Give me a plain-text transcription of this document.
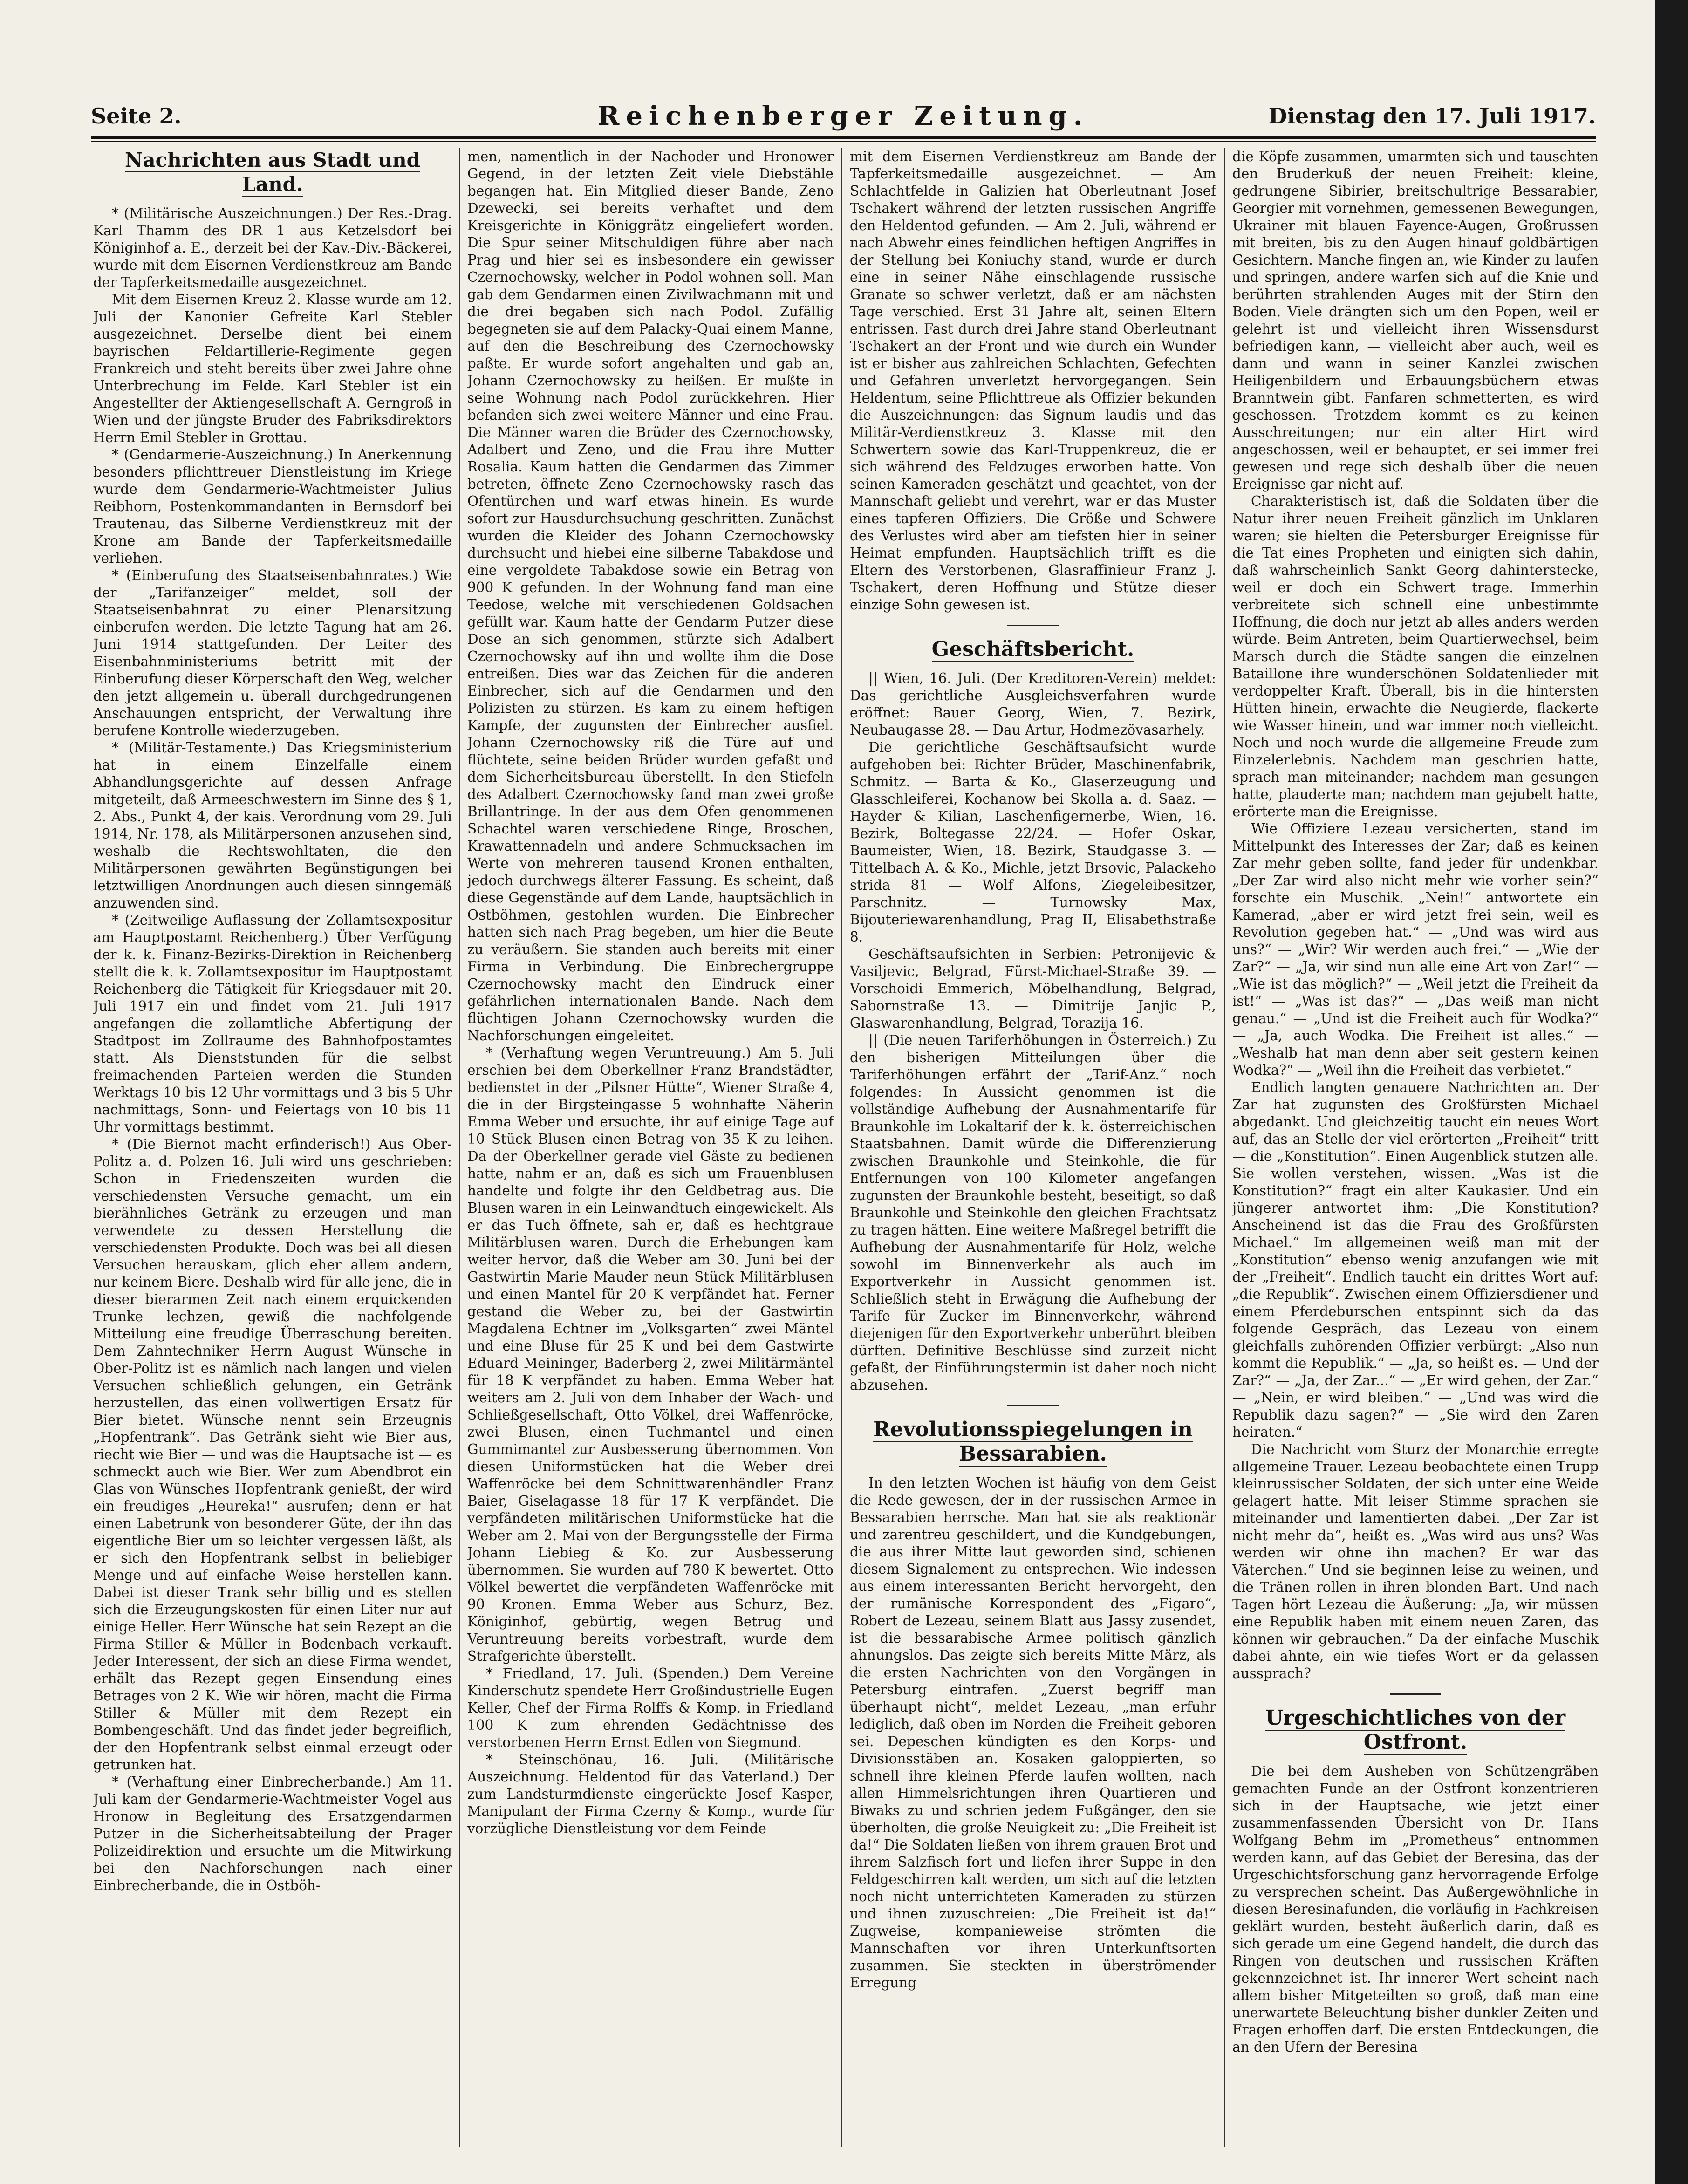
Seite 2.	Reichenberger Zeitung.	Dienstag den 17. Juli 1917.
Nachrichten aus Stadt und Land.

* (Militärische Auszeichnungen.) Der Res.-Drag. Karl Thamm des DR 1 aus Ketzelsdorf bei Königinhof a. E., derzeit bei der Kav.-Div.-Bäckerei, wurde mit dem Eisernen Verdienstkreuz am Bande der Tapferkeitsmedaille ausgezeichnet.

Mit dem Eisernen Kreuz 2. Klasse wurde am 12. Juli der Kanonier Gefreite Karl Stebler ausgezeichnet. Derselbe dient bei einem bayrischen Feldartillerie-Regimente gegen Frankreich und steht bereits über zwei Jahre ohne Unterbrechung im Felde. Karl Stebler ist ein Angestellter der Aktiengesellschaft A. Gerngroß in Wien und der jüngste Bruder des Fabriksdirektors Herrn Emil Stebler in Grottau.

* (Gendarmerie-Auszeichnung.) In Anerkennung besonders pflichttreuer Dienstleistung im Kriege wurde dem Gendarmerie-Wachtmeister Julius Reibhorn, Postenkommandanten in Bernsdorf bei Trautenau, das Silberne Verdienstkreuz mit der Krone am Bande der Tapferkeitsmedaille verliehen.

* (Einberufung des Staatseisenbahnrates.) Wie der „Tarifanzeiger“ meldet, soll der Staatseisenbahnrat zu einer Plenarsitzung einberufen werden. Die letzte Tagung hat am 26. Juni 1914 stattgefunden. Der Leiter des Eisenbahnministeriums betritt mit der Einberufung dieser Körperschaft den Weg, welcher den jetzt allgemein u. überall durchgedrungenen Anschauungen entspricht, der Verwaltung ihre berufene Kontrolle wiederzugeben.

* (Militär-Testamente.) Das Kriegsministerium hat in einem Einzelfalle einem Abhandlungsgerichte auf dessen Anfrage mitgeteilt, daß Armeeschwestern im Sinne des § 1, 2. Abs., Punkt 4, der kais. Verordnung vom 29. Juli 1914, Nr. 178, als Militärpersonen anzusehen sind, weshalb die Rechtswohltaten, die den Militärpersonen gewährten Begünstigungen bei letztwilligen Anordnungen auch diesen sinngemäß anzuwenden sind.

* (Zeitweilige Auflassung der Zollamtsexpositur am Hauptpostamt Reichenberg.) Über Verfügung der k. k. Finanz-Bezirks-Direktion in Reichenberg stellt die k. k. Zollamtsexpositur im Hauptpostamt Reichenberg die Tätigkeit für Kriegsdauer mit 20. Juli 1917 ein und findet vom 21. Juli 1917 angefangen die zollamtliche Abfertigung der Stadtpost im Zollraume des Bahnhofpostamtes statt. Als Dienststunden für die selbst freimachenden Parteien werden die Stunden Werktags 10 bis 12 Uhr vormittags und 3 bis 5 Uhr nachmittags, Sonn- und Feiertags von 10 bis 11 Uhr vormittags bestimmt.

* (Die Biernot macht erfinderisch!) Aus Ober-Politz a. d. Polzen 16. Juli wird uns geschrieben: Schon in Friedenszeiten wurden die verschiedensten Versuche gemacht, um ein bierähnliches Getränk zu erzeugen und man verwendete zu dessen Herstellung die verschiedensten Produkte. Doch was bei all diesen Versuchen herauskam, glich eher allem andern, nur keinem Biere. Deshalb wird für alle jene, die in dieser bierarmen Zeit nach einem erquickenden Trunke lechzen, gewiß die nachfolgende Mitteilung eine freudige Überraschung bereiten. Dem Zahntechniker Herrn August Wünsche in Ober-Politz ist es nämlich nach langen und vielen Versuchen schließlich gelungen, ein Getränk herzustellen, das einen vollwertigen Ersatz für Bier bietet. Wünsche nennt sein Erzeugnis „Hopfentrank“. Das Getränk sieht wie Bier aus, riecht wie Bier — und was die Hauptsache ist — es schmeckt auch wie Bier. Wer zum Abendbrot ein Glas von Wünsches Hopfentrank genießt, der wird ein freudiges „Heureka!“ ausrufen; denn er hat einen Labetrunk von besonderer Güte, der ihn das eigentliche Bier um so leichter vergessen läßt, als er sich den Hopfentrank selbst in beliebiger Menge und auf einfache Weise herstellen kann. Dabei ist dieser Trank sehr billig und es stellen sich die Erzeugungskosten für einen Liter nur auf einige Heller. Herr Wünsche hat sein Rezept an die Firma Stiller & Müller in Bodenbach verkauft. Jeder Interessent, der sich an diese Firma wendet, erhält das Rezept gegen Einsendung eines Betrages von 2 K. Wie wir hören, macht die Firma Stiller & Müller mit dem Rezept ein Bombengeschäft. Und das findet jeder begreiflich, der den Hopfentrank selbst einmal erzeugt oder getrunken hat.

* (Verhaftung einer Einbrecherbande.) Am 11. Juli kam der Gendarmerie-Wachtmeister Vogel aus Hronow in Begleitung des Ersatzgendarmen Putzer in die Sicherheitsabteilung der Prager Polizeidirektion und ersuchte um die Mitwirkung bei den Nachforschungen nach einer Einbrecherbande, die in Ostböh-

men, namentlich in der Nachoder und Hronower Gegend, in der letzten Zeit viele Diebstähle begangen hat. Ein Mitglied dieser Bande, Zeno Dzewecki, sei bereits verhaftet und dem Kreisgerichte in Königgrätz eingeliefert worden. Die Spur seiner Mitschuldigen führe aber nach Prag und hier sei es insbesondere ein gewisser Czernochowsky, welcher in Podol wohnen soll. Man gab dem Gendarmen einen Zivilwachmann mit und die drei begaben sich nach Podol. Zufällig begegneten sie auf dem Palacky-Quai einem Manne, auf den die Beschreibung des Czernochowsky paßte. Er wurde sofort angehalten und gab an, Johann Czernochowsky zu heißen. Er mußte in seine Wohnung nach Podol zurückkehren. Hier befanden sich zwei weitere Männer und eine Frau. Die Männer waren die Brüder des Czernochowsky, Adalbert und Zeno, und die Frau ihre Mutter Rosalia. Kaum hatten die Gendarmen das Zimmer betreten, öffnete Zeno Czernochowsky rasch das Ofentürchen und warf etwas hinein. Es wurde sofort zur Hausdurchsuchung geschritten. Zunächst wurden die Kleider des Johann Czernochowsky durchsucht und hiebei eine silberne Tabakdose und eine vergoldete Tabakdose sowie ein Betrag von 900 K gefunden. In der Wohnung fand man eine Teedose, welche mit verschiedenen Goldsachen gefüllt war. Kaum hatte der Gendarm Putzer diese Dose an sich genommen, stürzte sich Adalbert Czernochowsky auf ihn und wollte ihm die Dose entreißen. Dies war das Zeichen für die anderen Einbrecher, sich auf die Gendarmen und den Polizisten zu stürzen. Es kam zu einem heftigen Kampfe, der zugunsten der Einbrecher ausfiel. Johann Czernochowsky riß die Türe auf und flüchtete, seine beiden Brüder wurden gefaßt und dem Sicherheitsbureau überstellt. In den Stiefeln des Adalbert Czernochowsky fand man zwei große Brillantringe. In der aus dem Ofen genommenen Schachtel waren verschiedene Ringe, Broschen, Krawattennadeln und andere Schmucksachen im Werte von mehreren tausend Kronen enthalten, jedoch durchwegs älterer Fassung. Es scheint, daß diese Gegenstände auf dem Lande, hauptsächlich in Ostböhmen, gestohlen wurden. Die Einbrecher hatten sich nach Prag begeben, um hier die Beute zu veräußern. Sie standen auch bereits mit einer Firma in Verbindung. Die Einbrechergruppe Czernochowsky macht den Eindruck einer gefährlichen internationalen Bande. Nach dem flüchtigen Johann Czernochowsky wurden die Nachforschungen eingeleitet.

* (Verhaftung wegen Veruntreuung.) Am 5. Juli erschien bei dem Oberkellner Franz Brandstädter, bedienstet in der „Pilsner Hütte“, Wiener Straße 4, die in der Birgsteingasse 5 wohnhafte Näherin Emma Weber und ersuchte, ihr auf einige Tage auf 10 Stück Blusen einen Betrag von 35 K zu leihen. Da der Oberkellner gerade viel Gäste zu bedienen hatte, nahm er an, daß es sich um Frauenblusen handelte und folgte ihr den Geldbetrag aus. Die Blusen waren in ein Leinwandtuch eingewickelt. Als er das Tuch öffnete, sah er, daß es hechtgraue Militärblusen waren. Durch die Erhebungen kam weiter hervor, daß die Weber am 30. Juni bei der Gastwirtin Marie Mauder neun Stück Militärblusen und einen Mantel für 20 K verpfändet hat. Ferner gestand die Weber zu, bei der Gastwirtin Magdalena Echtner im „Volksgarten“ zwei Mäntel und eine Bluse für 25 K und bei dem Gastwirte Eduard Meininger, Baderberg 2, zwei Militärmäntel für 18 K verpfändet zu haben. Emma Weber hat weiters am 2. Juli von dem Inhaber der Wach- und Schließgesellschaft, Otto Völkel, drei Waffenröcke, zwei Blusen, einen Tuchmantel und einen Gummimantel zur Ausbesserung übernommen. Von diesen Uniformstücken hat die Weber drei Waffenröcke bei dem Schnittwarenhändler Franz Baier, Giselagasse 18 für 17 K verpfändet. Die verpfändeten militärischen Uniformstücke hat die Weber am 2. Mai von der Bergungsstelle der Firma Johann Liebieg & Ko. zur Ausbesserung übernommen. Sie wurden auf 780 K bewertet. Otto Völkel bewertet die verpfändeten Waffenröcke mit 90 Kronen. Emma Weber aus Schurz, Bez. Königinhof, gebürtig, wegen Betrug und Veruntreuung bereits vorbestraft, wurde dem Strafgerichte überstellt.

* Friedland, 17. Juli. (Spenden.) Dem Vereine Kinderschutz spendete Herr Großindustrielle Eugen Keller, Chef der Firma Rolffs & Komp. in Friedland 100 K zum ehrenden Gedächtnisse des verstorbenen Herrn Ernst Edlen von Siegmund.

* Steinschönau, 16. Juli. (Militärische Auszeichnung. Heldentod für das Vaterland.) Der zum Landsturmdienste eingerückte Josef Kasper, Manipulant der Firma Czerny & Komp., wurde für vorzügliche Dienstleistung vor dem Feinde

mit dem Eisernen Verdienstkreuz am Bande der Tapferkeitsmedaille ausgezeichnet. — Am Schlachtfelde in Galizien hat Oberleutnant Josef Tschakert während der letzten russischen Angriffe den Heldentod gefunden. — Am 2. Juli, während er nach Abwehr eines feindlichen heftigen Angriffes in der Stellung bei Koniuchy stand, wurde er durch eine in seiner Nähe einschlagende russische Granate so schwer verletzt, daß er am nächsten Tage verschied. Erst 31 Jahre alt, seinen Eltern entrissen. Fast durch drei Jahre stand Oberleutnant Tschakert an der Front und wie durch ein Wunder ist er bisher aus zahlreichen Schlachten, Gefechten und Gefahren unverletzt hervorgegangen. Sein Heldentum, seine Pflichttreue als Offizier bekunden die Auszeichnungen: das Signum laudis und das Militär-Verdienstkreuz 3. Klasse mit den Schwertern sowie das Karl-Truppenkreuz, die er sich während des Feldzuges erworben hatte. Von seinen Kameraden geschätzt und geachtet, von der Mannschaft geliebt und verehrt, war er das Muster eines tapferen Offiziers. Die Größe und Schwere des Verlustes wird aber am tiefsten hier in seiner Heimat empfunden. Hauptsächlich trifft es die Eltern des Verstorbenen, Glasraffinieur Franz J. Tschakert, deren Hoffnung und Stütze dieser einzige Sohn gewesen ist.

Geschäftsbericht.

|| Wien, 16. Juli. (Der Kreditoren-Verein) meldet: Das gerichtliche Ausgleichsverfahren wurde eröffnet: Bauer Georg, Wien, 7. Bezirk, Neubaugasse 28. — Dau Artur, Hodmezövasarhely.

Die gerichtliche Geschäftsaufsicht wurde aufgehoben bei: Richter Brüder, Maschinenfabrik, Schmitz. — Barta & Ko., Glaserzeugung und Glasschleiferei, Kochanow bei Skolla a. d. Saaz. — Hayder & Kilian, Laschenfigernerbe, Wien, 16. Bezirk, Boltegasse 22/24. — Hofer Oskar, Baumeister, Wien, 18. Bezirk, Staudgasse 3. — Tittelbach A. & Ko., Michle, jetzt Brsovic, Palackeho strida 81 — Wolf Alfons, Ziegeleibesitzer, Parschnitz. — Turnowsky Max, Bijouteriewarenhandlung, Prag II, Elisabethstraße 8.

Geschäftsaufsichten in Serbien: Petronijevic & Vasiljevic, Belgrad, Fürst-Michael-Straße 39. — Vorschoidi Emmerich, Möbelhandlung, Belgrad, Sabornstraße 13. — Dimitrije Janjic P., Glaswarenhandlung, Belgrad, Torazija 16.

|| (Die neuen Tariferhöhungen in Österreich.) Zu den bisherigen Mitteilungen über die Tariferhöhungen erfährt der „Tarif-Anz.“ noch folgendes: In Aussicht genommen ist die vollständige Aufhebung der Ausnahmentarife für Braunkohle im Lokaltarif der k. k. österreichischen Staatsbahnen. Damit würde die Differenzierung zwischen Braunkohle und Steinkohle, die für Entfernungen von 100 Kilometer angefangen zugunsten der Braunkohle besteht, beseitigt, so daß Braunkohle und Steinkohle den gleichen Frachtsatz zu tragen hätten. Eine weitere Maßregel betrifft die Aufhebung der Ausnahmentarife für Holz, welche sowohl im Binnenverkehr als auch im Exportverkehr in Aussicht genommen ist. Schließlich steht in Erwägung die Aufhebung der Tarife für Zucker im Binnenverkehr, während diejenigen für den Exportverkehr unberührt bleiben dürften. Definitive Beschlüsse sind zurzeit nicht gefaßt, der Einführungstermin ist daher noch nicht abzusehen.

Revolutionsspiegelungen in Bessarabien.

In den letzten Wochen ist häufig von dem Geist die Rede gewesen, der in der russischen Armee in Bessarabien herrsche. Man hat sie als reaktionär und zarentreu geschildert, und die Kundgebungen, die aus ihrer Mitte laut geworden sind, schienen diesem Signalement zu entsprechen. Wie indessen aus einem interessanten Bericht hervorgeht, den der rumänische Korrespondent des „Figaro“, Robert de Lezeau, seinem Blatt aus Jassy zusendet, ist die bessarabische Armee politisch gänzlich ahnungslos. Das zeigte sich bereits Mitte März, als die ersten Nachrichten von den Vorgängen in Petersburg eintrafen. „Zuerst begriff man überhaupt nicht“, meldet Lezeau, „man erfuhr lediglich, daß oben im Norden die Freiheit geboren sei. Depeschen kündigten es den Korps- und Divisionsstäben an. Kosaken galoppierten, so schnell ihre kleinen Pferde laufen wollten, nach allen Himmelsrichtungen ihren Quartieren und Biwaks zu und schrien jedem Fußgänger, den sie überholten, die große Neuigkeit zu: „Die Freiheit ist da!“ Die Soldaten ließen von ihrem grauen Brot und ihrem Salzfisch fort und liefen ihrer Suppe in den Feldgeschirren kalt werden, um sich auf die letzten noch nicht unterrichteten Kameraden zu stürzen und ihnen zuzuschreien: „Die Freiheit ist da!“ Zugweise, kompanieweise strömten die Mannschaften vor ihren Unterkunftsorten zusammen. Sie steckten in überströmender Erregung

die Köpfe zusammen, umarmten sich und tauschten den Bruderkuß der neuen Freiheit: kleine, gedrungene Sibirier, breitschultrige Bessarabier, Georgier mit vornehmen, gemessenen Bewegungen, Ukrainer mit blauen Fayence-Augen, Großrussen mit breiten, bis zu den Augen hinauf goldbärtigen Gesichtern. Manche fingen an, wie Kinder zu laufen und springen, andere warfen sich auf die Knie und berührten strahlenden Auges mit der Stirn den Boden. Viele drängten sich um den Popen, weil er gelehrt ist und vielleicht ihren Wissensdurst befriedigen kann, — vielleicht aber auch, weil es dann und wann in seiner Kanzlei zwischen Heiligenbildern und Erbauungsbüchern etwas Branntwein gibt. Fanfaren schmetterten, es wird geschossen. Trotzdem kommt es zu keinen Ausschreitungen; nur ein alter Hirt wird angeschossen, weil er behauptet, er sei immer frei gewesen und rege sich deshalb über die neuen Ereignisse gar nicht auf.

Charakteristisch ist, daß die Soldaten über die Natur ihrer neuen Freiheit gänzlich im Unklaren waren; sie hielten die Petersburger Ereignisse für die Tat eines Propheten und einigten sich dahin, daß wahrscheinlich Sankt Georg dahinterstecke, weil er doch ein Schwert trage. Immerhin verbreitete sich schnell eine unbestimmte Hoffnung, die doch nur jetzt ab alles anders werden würde. Beim Antreten, beim Quartierwechsel, beim Marsch durch die Städte sangen die einzelnen Bataillone ihre wunderschönen Soldatenlieder mit verdoppelter Kraft. Überall, bis in die hintersten Hütten hinein, erwachte die Neugierde, flackerte wie Wasser hinein, und war immer noch vielleicht. Noch und noch wurde die allgemeine Freude zum Einzelerlebnis. Nachdem man geschrien hatte, sprach man miteinander; nachdem man gesungen hatte, plauderte man; nachdem man gejubelt hatte, erörterte man die Ereignisse.

Wie Offiziere Lezeau versicherten, stand im Mittelpunkt des Interesses der Zar; daß es keinen Zar mehr geben sollte, fand jeder für undenkbar. „Der Zar wird also nicht mehr wie vorher sein?“ forschte ein Muschik. „Nein!“ antwortete ein Kamerad, „aber er wird jetzt frei sein, weil es Revolution gegeben hat.“ — „Und was wird aus uns?“ — „Wir? Wir werden auch frei.“ — „Wie der Zar?“ — „Ja, wir sind nun alle eine Art von Zar!“ — „Wie ist das möglich?“ — „Weil jetzt die Freiheit da ist!“ — „Was ist das?“ — „Das weiß man nicht genau.“ — „Und ist die Freiheit auch für Wodka?“ — „Ja, auch Wodka. Die Freiheit ist alles.“ — „Weshalb hat man denn aber seit gestern keinen Wodka?“ — „Weil ihn die Freiheit das verbietet.“

Endlich langten genauere Nachrichten an. Der Zar hat zugunsten des Großfürsten Michael abgedankt. Und gleichzeitig taucht ein neues Wort auf, das an Stelle der viel erörterten „Freiheit“ tritt — die „Konstitution“. Einen Augenblick stutzen alle. Sie wollen verstehen, wissen. „Was ist die Konstitution?“ fragt ein alter Kaukasier. Und ein jüngerer antwortet ihm: „Die Konstitution? Anscheinend ist das die Frau des Großfürsten Michael.“ Im allgemeinen weiß man mit der „Konstitution“ ebenso wenig anzufangen wie mit der „Freiheit“. Endlich taucht ein drittes Wort auf: „die Republik“. Zwischen einem Offiziersdiener und einem Pferdeburschen entspinnt sich da das folgende Gespräch, das Lezeau von einem gleichfalls zuhörenden Offizier verbürgt: „Also nun kommt die Republik.“ — „Ja, so heißt es. — Und der Zar?“ — „Ja, der Zar...“ — „Er wird gehen, der Zar.“ — „Nein, er wird bleiben.“ — „Und was wird die Republik dazu sagen?“ — „Sie wird den Zaren heiraten.“

Die Nachricht vom Sturz der Monarchie erregte allgemeine Trauer. Lezeau beobachtete einen Trupp kleinrussischer Soldaten, der sich unter eine Weide gelagert hatte. Mit leiser Stimme sprachen sie miteinander und lamentierten dabei. „Der Zar ist nicht mehr da“, heißt es. „Was wird aus uns? Was werden wir ohne ihn machen? Er war das Väterchen.“ Und sie beginnen leise zu weinen, und die Tränen rollen in ihren blonden Bart. Und nach Tagen hört Lezeau die Äußerung: „Ja, wir müssen eine Republik haben mit einem neuen Zaren, das können wir gebrauchen.“ Da der einfache Muschik dabei ahnte, ein wie tiefes Wort er da gelassen aussprach?

Urgeschichtliches von der Ostfront.

Die bei dem Ausheben von Schützengräben gemachten Funde an der Ostfront konzentrieren sich in der Hauptsache, wie jetzt einer zusammenfassenden Übersicht von Dr. Hans Wolfgang Behm im „Prometheus“ entnommen werden kann, auf das Gebiet der Beresina, das der Urgeschichtsforschung ganz hervorragende Erfolge zu versprechen scheint. Das Außergewöhnliche in diesen Beresinafunden, die vorläufig in Fachkreisen geklärt wurden, besteht äußerlich darin, daß es sich gerade um eine Gegend handelt, die durch das Ringen von deutschen und russischen Kräften gekennzeichnet ist. Ihr innerer Wert scheint nach allem bisher Mitgeteilten so groß, daß man eine unerwartete Beleuchtung bisher dunkler Zeiten und Fragen erhoffen darf. Die ersten Entdeckungen, die an den Ufern der Beresina
